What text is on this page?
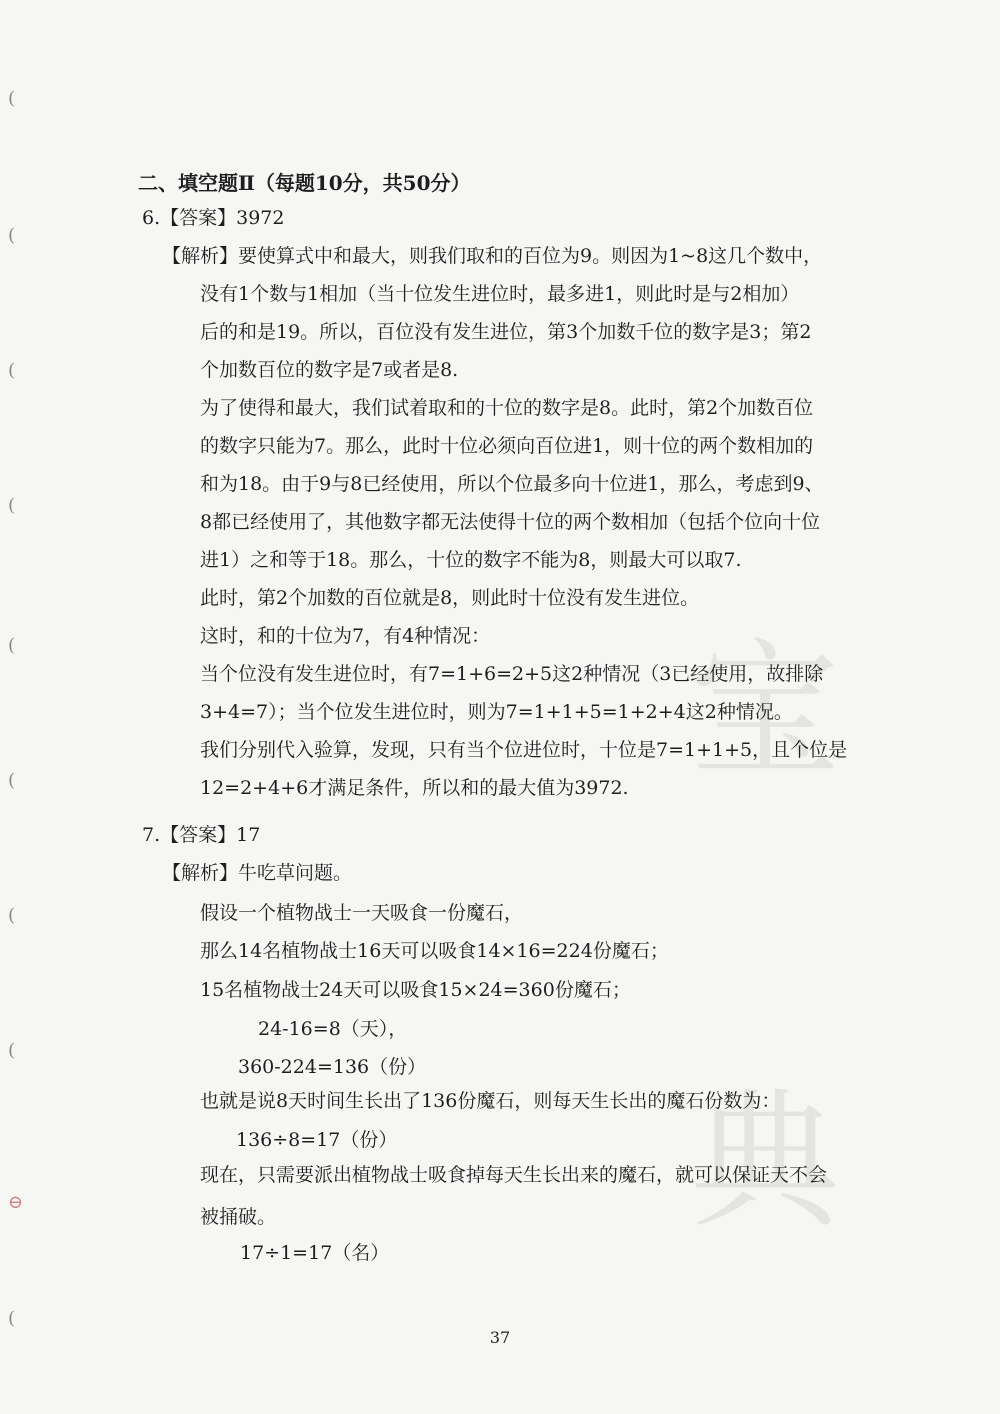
宝
典
(
(
(
(
(
(
(
(
⊖
(
二、填空题Ⅱ（每题10分，共50分）
6.【答案】3972
【解析】要使算式中和最大，则我们取和的百位为9。则因为1~8这几个数中，
没有1个数与1相加（当十位发生进位时，最多进1，则此时是与2相加）
后的和是19。所以，百位没有发生进位，第3个加数千位的数字是3；第2
个加数百位的数字是7或者是8.
为了使得和最大，我们试着取和的十位的数字是8。此时，第2个加数百位
的数字只能为7。那么，此时十位必须向百位进1，则十位的两个数相加的
和为18。由于9与8已经使用，所以个位最多向十位进1，那么，考虑到9、
8都已经使用了，其他数字都无法使得十位的两个数相加（包括个位向十位
进1）之和等于18。那么，十位的数字不能为8，则最大可以取7.
此时，第2个加数的百位就是8，则此时十位没有发生进位。
这时，和的十位为7，有4种情况：
当个位没有发生进位时，有7=1+6=2+5这2种情况（3已经使用，故排除
3+4=7）；当个位发生进位时，则为7=1+1+5=1+2+4这2种情况。
我们分别代入验算，发现，只有当个位进位时，十位是7=1+1+5，且个位是
12=2+4+6才满足条件，所以和的最大值为3972.
7.【答案】17
【解析】牛吃草问题。
假设一个植物战士一天吸食一份魔石，
那么14名植物战士16天可以吸食14×16=224份魔石；
15名植物战士24天可以吸食15×24=360份魔石；
24-16=8（天），
360-224=136（份）
也就是说8天时间生长出了136份魔石，则每天生长出的魔石份数为：
136÷8=17（份）
现在，只需要派出植物战士吸食掉每天生长出来的魔石，就可以保证天不会
被捅破。
17÷1=17（名）
37
